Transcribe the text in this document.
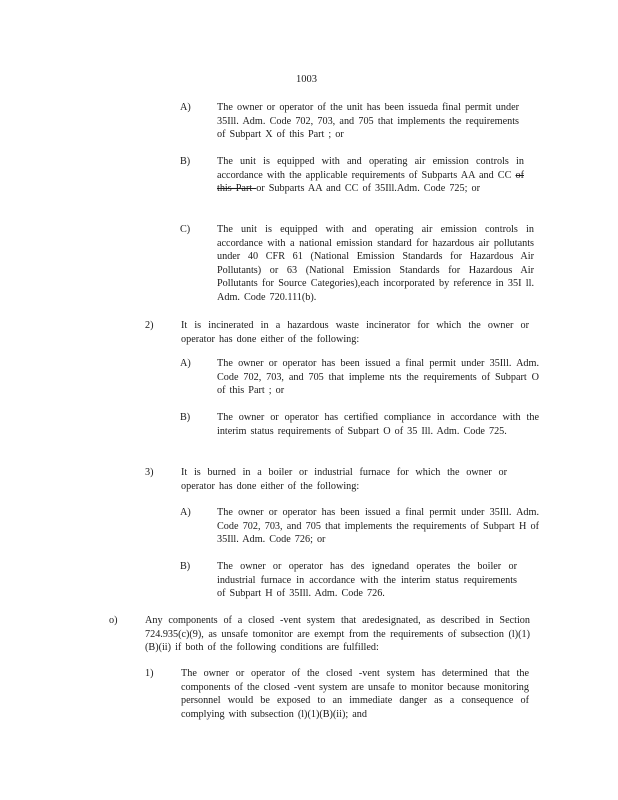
1003
A)	The owner or operator of the unit has been issueda final permit under 35Ill. Adm. Code 702, 703, and 705 that implements the requirements of Subpart X of this Part ; or
B)	The unit is equipped with and operating air emission controls in accordance with the applicable requirements of Subparts AA and CC of this Part or Subparts AA and CC of 35Ill.Adm. Code 725; or
C)	The unit is equipped with and operating air emission controls in accordance with a national emission standard for hazardous air pollutants under 40 CFR 61 (National Emission Standards for Hazardous Air Pollutants) or 63 (National Emission Standards for Hazardous Air Pollutants for Source Categories),each incorporated by reference in 35I ll. Adm. Code 720.111(b).
2)	It is incinerated in a hazardous waste incinerator for which the owner or operator has done either of the following:
A)	The owner or operator has been issued a final permit under 35Ill. Adm. Code 702, 703, and 705 that impleme nts the requirements of Subpart O of this Part ; or
B)	The owner or operator has certified compliance in accordance with the interim status requirements of Subpart O of 35 Ill. Adm. Code 725.
3)	It is burned in a boiler or industrial furnace for which the owner or operator has done either of the following:
A)	The owner or operator has been issued a final permit under 35Ill. Adm. Code 702, 703, and 705 that implements the requirements of Subpart H of 35Ill. Adm. Code 726; or
B)	The owner or operator has des ignedand operates the boiler or industrial furnace in accordance with the interim status requirements of Subpart H of 35Ill. Adm. Code 726.
o)	Any components of a closed -vent system that aredesignated, as described in Section 724.935(c)(9), as unsafe tomonitor are exempt from the requirements of subsection (l)(1)(B)(ii) if both of the following conditions are fulfilled:
1)	The owner or operator of the closed -vent system has determined that the components of the closed -vent system are unsafe to monitor because monitoring personnel would be exposed to an immediate danger as a consequence of complying with subsection (l)(1)(B)(ii); and
